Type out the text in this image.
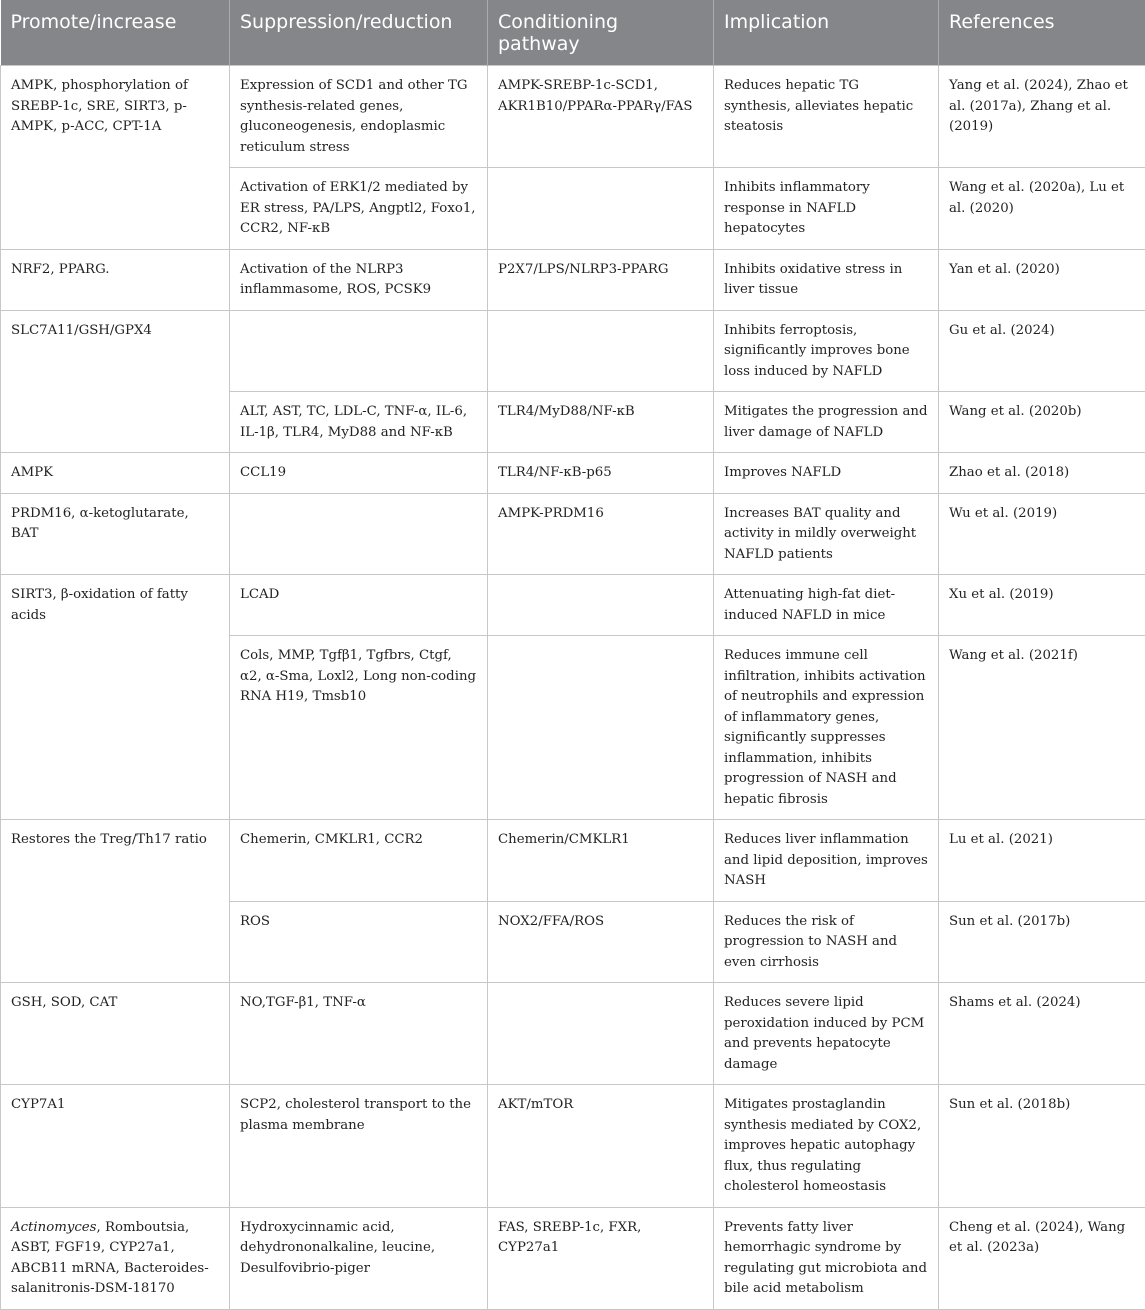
Promote/increase	Suppression/reduction	Conditioning pathway	Implication	References
AMPK, phosphorylation of SREBP-1c, SRE, SIRT3, p-AMPK, p-ACC, CPT-1A	Expression of SCD1 and other TG synthesis-related genes, gluconeogenesis, endoplasmic reticulum stress	AMPK-SREBP-1c-SCD1, AKR1B10/PPARα-PPARγ/FAS	Reduces hepatic TG synthesis, alleviates hepatic steatosis	Yang et al. (2024), Zhao et al. (2017a), Zhang et al. (2019)
	Activation of ERK1/2 mediated by ER stress, PA/LPS, Angptl2, Foxo1, CCR2, NF-κB		Inhibits inflammatory response in NAFLD hepatocytes	Wang et al. (2020a), Lu et al. (2020)
NRF2, PPARG.	Activation of the NLRP3 inflammasome, ROS, PCSK9	P2X7/LPS/NLRP3-PPARG	Inhibits oxidative stress in liver tissue	Yan et al. (2020)
SLC7A11/GSH/GPX4			Inhibits ferroptosis, significantly improves bone loss induced by NAFLD	Gu et al. (2024)
	ALT, AST, TC, LDL-C, TNF-α, IL-6, IL-1β, TLR4, MyD88 and NF-κB	TLR4/MyD88/NF-κB	Mitigates the progression and liver damage of NAFLD	Wang et al. (2020b)
AMPK	CCL19	TLR4/NF-κB-p65	Improves NAFLD	Zhao et al. (2018)
PRDM16, α-ketoglutarate, BAT		AMPK-PRDM16	Increases BAT quality and activity in mildly overweight NAFLD patients	Wu et al. (2019)
SIRT3, β-oxidation of fatty acids	LCAD		Attenuating high-fat diet-induced NAFLD in mice	Xu et al. (2019)
	Cols, MMP, Tgfβ1, Tgfbrs, Ctgf, α2, α-Sma, Loxl2, Long non-coding RNA H19, Tmsb10		Reduces immune cell infiltration, inhibits activation of neutrophils and expression of inflammatory genes, significantly suppresses inflammation, inhibits progression of NASH and hepatic fibrosis	Wang et al. (2021f)
Restores the Treg/Th17 ratio	Chemerin, CMKLR1, CCR2	Chemerin/CMKLR1	Reduces liver inflammation and lipid deposition, improves NASH	Lu et al. (2021)
	ROS	NOX2/FFA/ROS	Reduces the risk of progression to NASH and even cirrhosis	Sun et al. (2017b)
GSH, SOD, CAT	NO,TGF-β1, TNF-α		Reduces severe lipid peroxidation induced by PCM and prevents hepatocyte damage	Shams et al. (2024)
CYP7A1	SCP2, cholesterol transport to the plasma membrane	AKT/mTOR	Mitigates prostaglandin synthesis mediated by COX2, improves hepatic autophagy flux, thus regulating cholesterol homeostasis	Sun et al. (2018b)
Actinomyces, Romboutsia, ASBT, FGF19, CYP27a1, ABCB11 mRNA, Bacteroides-salanitronis-DSM-18170	Hydroxycinnamic acid, dehydrononalkaline, leucine, Desulfovibrio-piger	FAS, SREBP-1c, FXR, CYP27a1	Prevents fatty liver hemorrhagic syndrome by regulating gut microbiota and bile acid metabolism	Cheng et al. (2024), Wang et al. (2023a)
